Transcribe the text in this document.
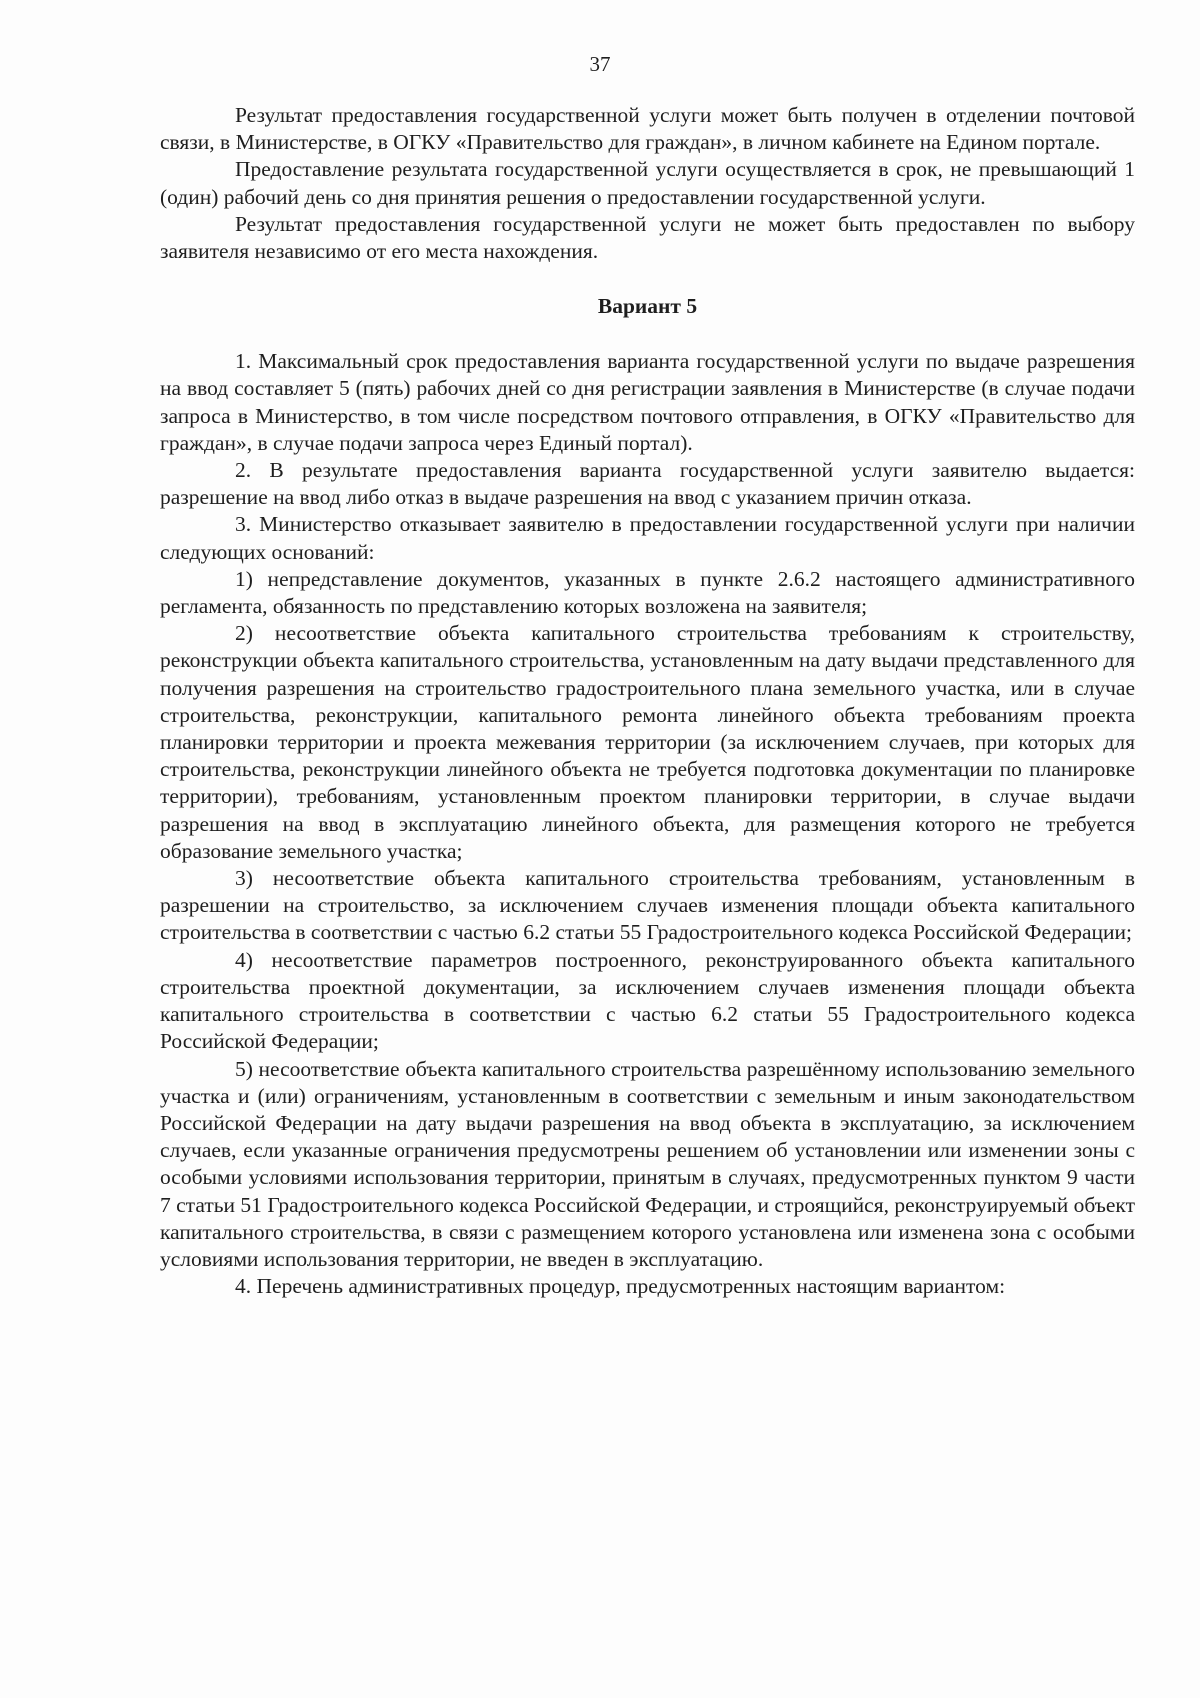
37

Результат предоставления государственной услуги может быть получен в отделении почтовой связи, в Министерстве, в ОГКУ «Правительство для граждан», в личном кабинете на Едином портале.

Предоставление результата государственной услуги осуществляется в срок, не превышающий 1 (один) рабочий день со дня принятия решения о предоставлении государственной услуги.

Результат предоставления государственной услуги не может быть предоставлен по выбору заявителя независимо от его места нахождения.

Вариант 5

1. Максимальный срок предоставления варианта государственной услуги по выдаче разрешения на ввод составляет 5 (пять) рабочих дней со дня регистрации заявления в Министерстве (в случае подачи запроса в Министерство, в том числе посредством почтового отправления, в ОГКУ «Правительство для граждан», в случае подачи запроса через Единый портал).

2. В результате предоставления варианта государственной услуги заявителю выдается: разрешение на ввод либо отказ в выдаче разрешения на ввод с указанием причин отказа.

3. Министерство отказывает заявителю в предоставлении государственной услуги при наличии следующих оснований:

1) непредставление документов, указанных в пункте 2.6.2 настоящего административного регламента, обязанность по представлению которых возложена на заявителя;

2) несоответствие объекта капитального строительства требованиям к строительству, реконструкции объекта капитального строительства, установленным на дату выдачи представленного для получения разрешения на строительство градостроительного плана земельного участка, или в случае строительства, реконструкции, капитального ремонта линейного объекта требованиям проекта планировки территории и проекта межевания территории (за исключением случаев, при которых для строительства, реконструкции линейного объекта не требуется подготовка документации по планировке территории), требованиям, установленным проектом планировки территории, в случае выдачи разрешения на ввод в эксплуатацию линейного объекта, для размещения которого не требуется образование земельного участка;

3) несоответствие объекта капитального строительства требованиям, установленным в разрешении на строительство, за исключением случаев изменения площади объекта капитального строительства в соответствии с частью 6.2 статьи 55 Градостроительного кодекса Российской Федерации;

4) несоответствие параметров построенного, реконструированного объекта капитального строительства проектной документации, за исключением случаев изменения площади объекта капитального строительства в соответствии с частью 6.2 статьи 55 Градостроительного кодекса Российской Федерации;

5) несоответствие объекта капитального строительства разрешённому использованию земельного участка и (или) ограничениям, установленным в соответствии с земельным и иным законодательством Российской Федерации на дату выдачи разрешения на ввод объекта в эксплуатацию, за исключением случаев, если указанные ограничения предусмотрены решением об установлении или изменении зоны с особыми условиями использования территории, принятым в случаях, предусмотренных пунктом 9 части 7 статьи 51 Градостроительного кодекса Российской Федерации, и строящийся, реконструируемый объект капитального строительства, в связи с размещением которого установлена или изменена зона с особыми условиями использования территории, не введен в эксплуатацию.

4. Перечень административных процедур, предусмотренных настоящим вариантом:
